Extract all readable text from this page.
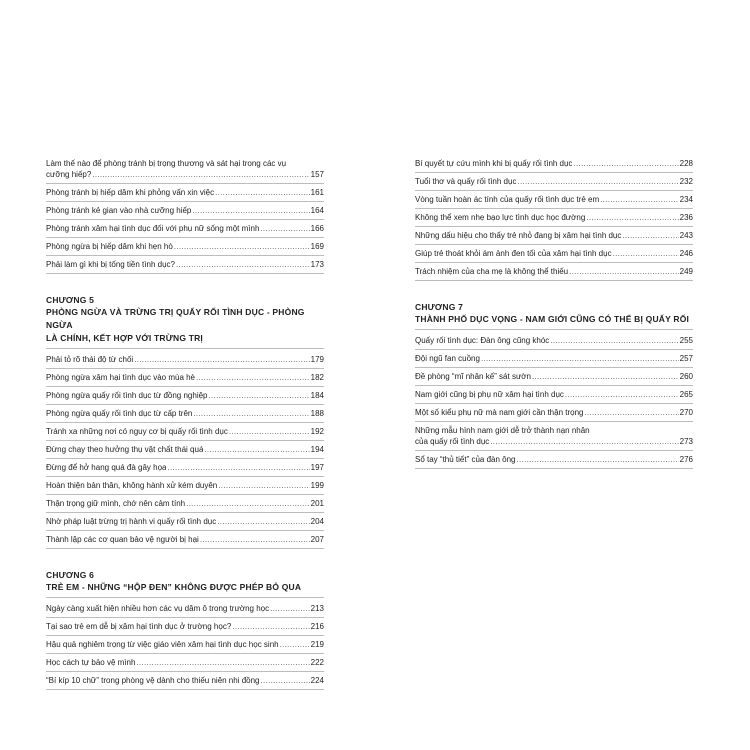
Làm thế nào để phòng tránh bị trọng thương và sát hại trong các vụ
cưỡng hiếp? .....	157
Phòng tránh bị hiếp dâm khi phỏng vấn xin việc .....	161
Phòng tránh kẻ gian vào nhà cưỡng hiếp .....	164
Phòng tránh xâm hại tình dục đối với phụ nữ sống một mình .....	166
Phòng ngừa bị hiếp dâm khi hẹn hò .....	169
Phải làm gì khi bị tống tiền tình dục? .....	173
CHƯƠNG 5
PHÒNG NGỪA VÀ TRỪNG TRỊ QUẤY RỐI TÌNH DỤC - PHÒNG NGỪA
LÀ CHÍNH, KẾT HỢP VỚI TRỪNG TRỊ
Phải tỏ rõ thái độ từ chối .....	179
Phòng ngừa xâm hại tình dục vào mùa hè .....	182
Phòng ngừa quấy rối tình dục từ đồng nghiệp .....	184
Phòng ngừa quấy rối tình dục từ cấp trên .....	188
Tránh xa những nơi có nguy cơ bị quấy rối tình dục .....	192
Đừng chạy theo hưởng thụ vật chất thái quá .....	194
Đừng để hở hang quá đà gây họa .....	197
Hoàn thiện bản thân, không hành xử kém duyên .....	199
Thận trọng giữ mình, chớ nên cảm tính .....	201
Nhờ pháp luật trừng trị hành vi quấy rối tình dục .....	204
Thành lập các cơ quan bảo vệ người bị hại .....	207
CHƯƠNG 6
TRẺ EM - NHỮNG “HỘP ĐEN” KHÔNG ĐƯỢC PHÉP BỎ QUA
Ngày càng xuất hiện nhiều hơn các vụ dâm ô trong trường học .....	213
Tại sao trẻ em dễ bị xâm hại tình dục ở trường học? .....	216
Hậu quả nghiêm trọng từ việc giáo viên xâm hại tình dục học sinh .....	219
Học cách tự bảo vệ mình .....	222
“Bí kíp 10 chữ” trong phòng vệ dành cho thiếu niên nhi đồng .....	224
Bí quyết tự cứu mình khi bị quấy rối tình dục .....	228
Tuổi thơ và quấy rối tình dục .....	232
Vòng tuần hoàn ác tính của quấy rối tình dục trẻ em .....	234
Không thể xem nhẹ bạo lực tình dục học đường .....	236
Những dấu hiệu cho thấy trẻ nhỏ đang bị xâm hại tình dục .....	243
Giúp trẻ thoát khỏi ám ảnh đen tối của xâm hại tình dục .....	246
Trách nhiệm của cha mẹ là không thể thiếu .....	249
CHƯƠNG 7
THÀNH PHỐ DỤC VỌNG - NAM GIỚI CŨNG CÓ THỂ BỊ QUẤY RỐI
Quấy rối tình dục: Đàn ông cũng khóc .....	255
Đội ngũ fan cuồng .....	257
Đề phòng “mĩ nhân kế” sát sườn .....	260
Nam giới cũng bị phụ nữ xâm hại tình dục .....	265
Một số kiểu phụ nữ mà nam giới cần thận trọng .....	270
Những mẫu hình nam giới dễ trở thành nạn nhân
của quấy rối tình dục .....	273
Sổ tay “thủ tiết” của đàn ông .....	276
